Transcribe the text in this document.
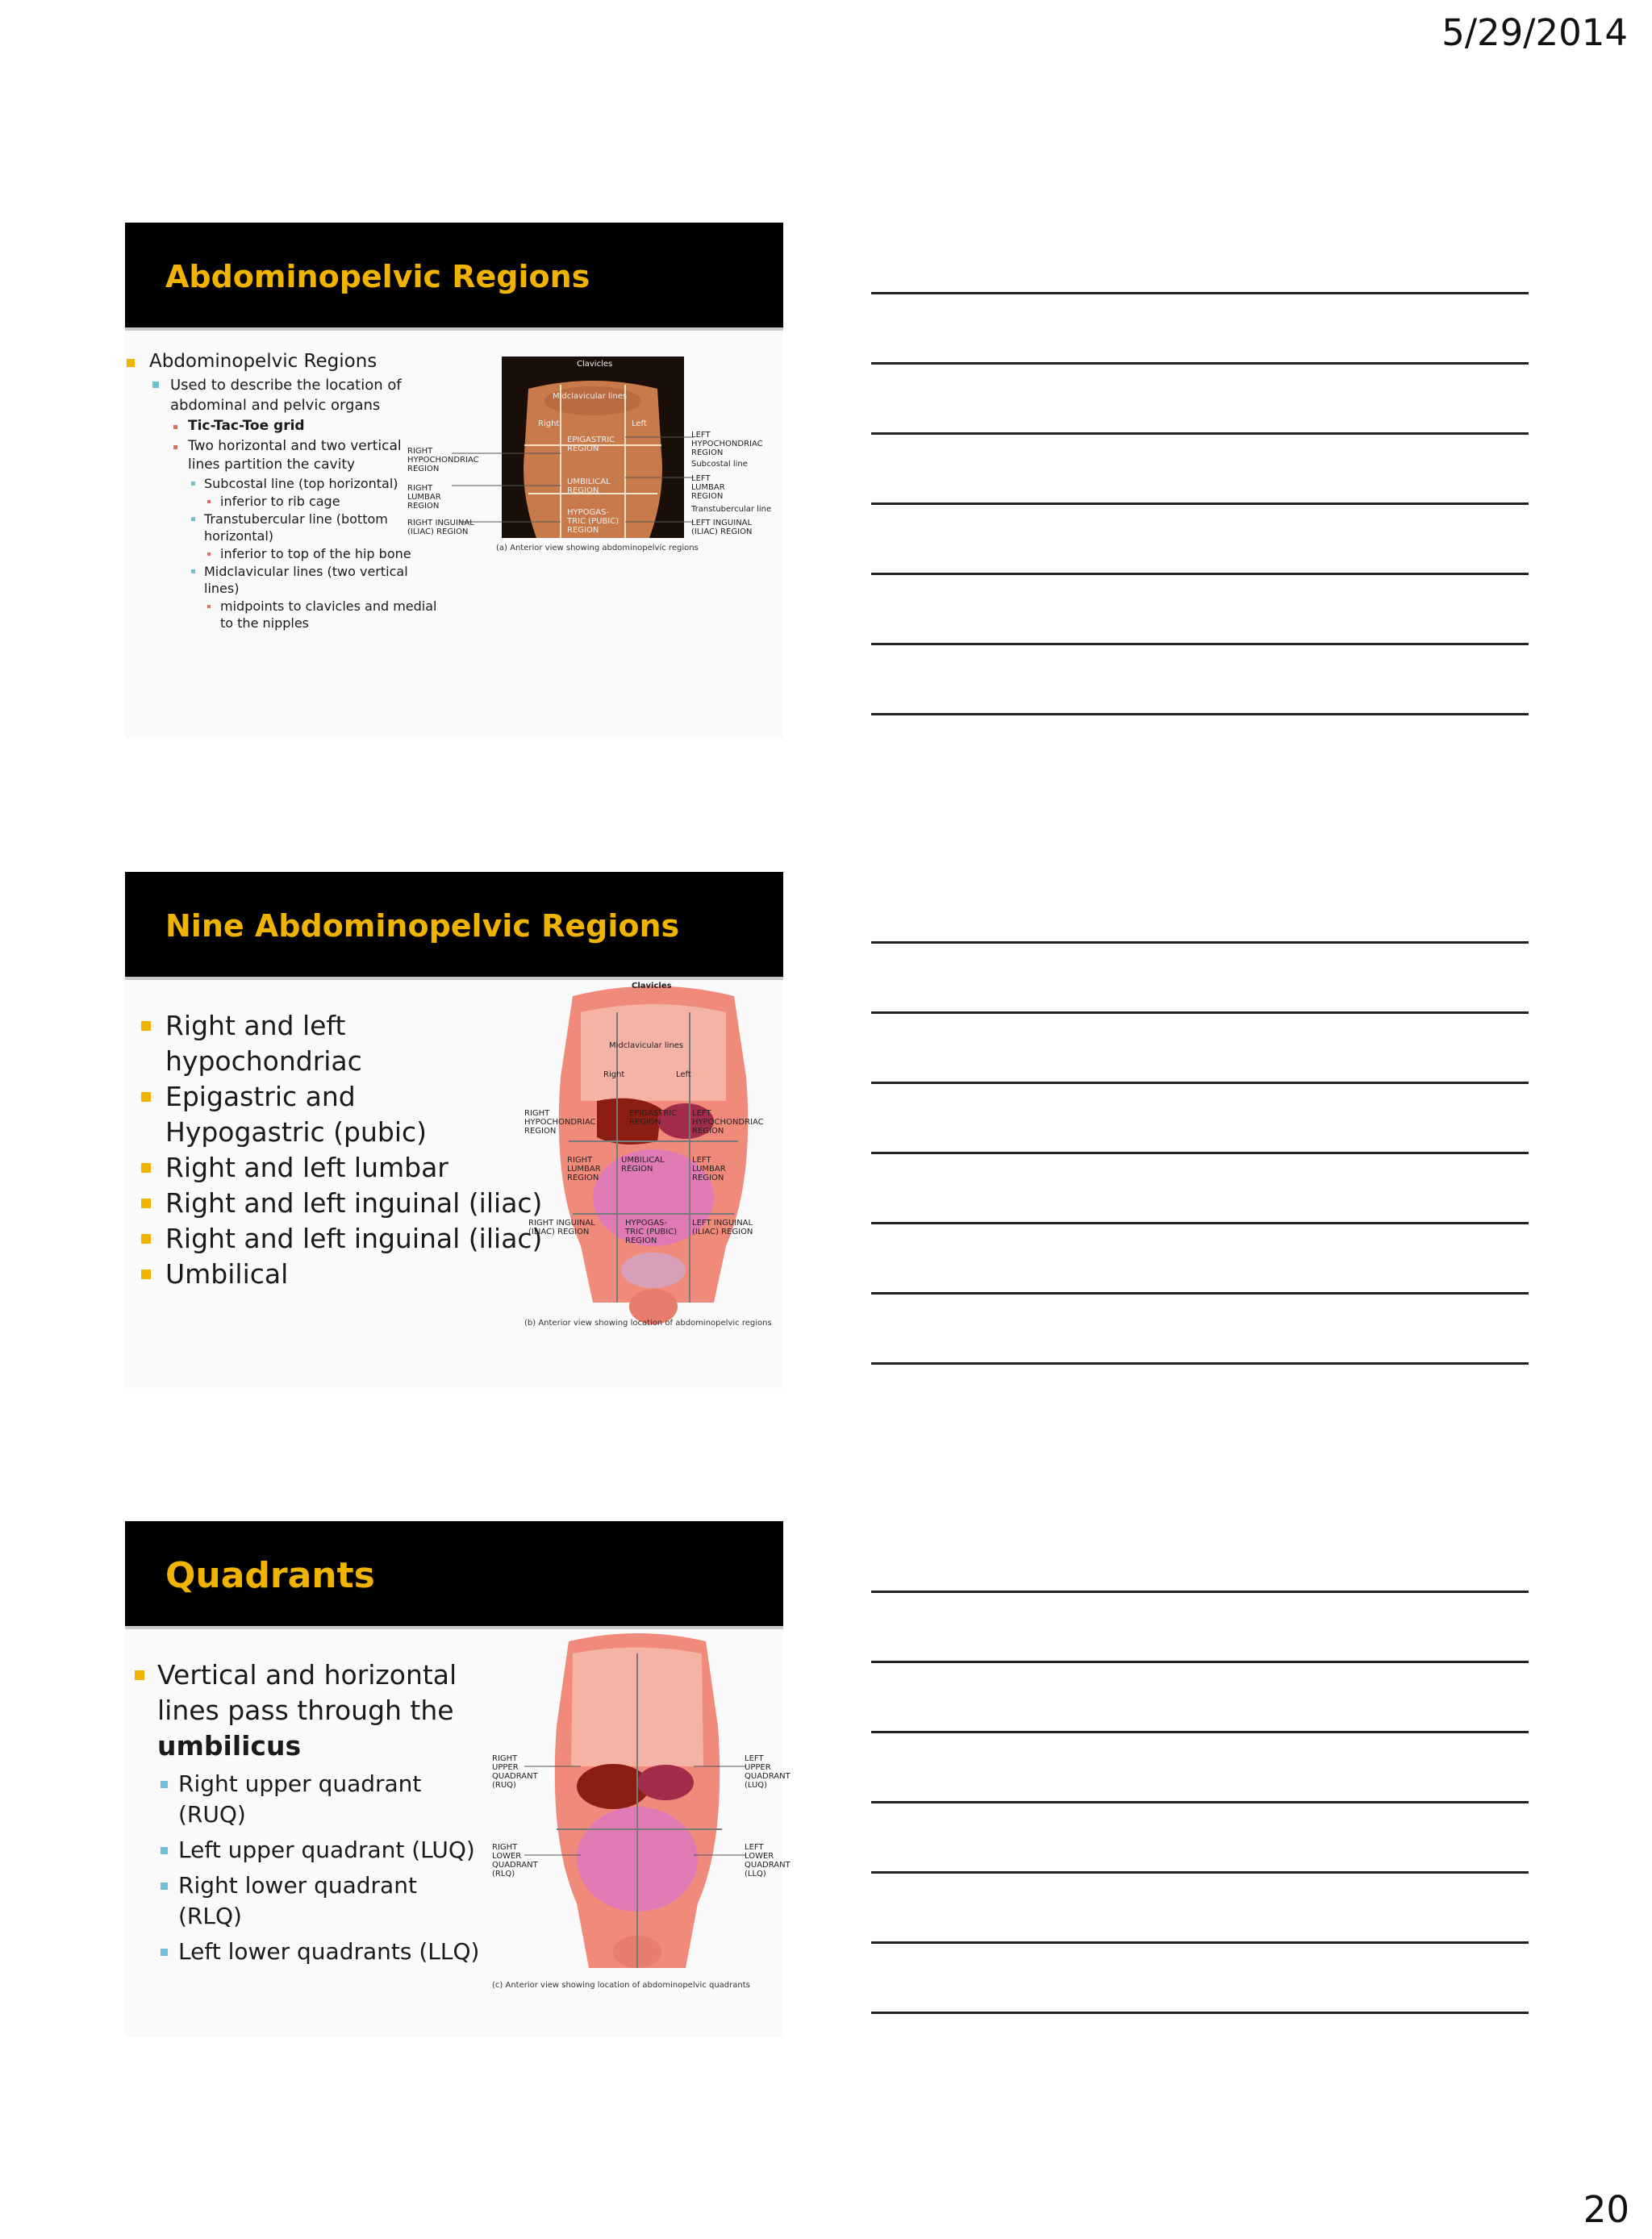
5/29/2014
Abdominopelvic Regions
Abdominopelvic Regions
Used to describe the location of abdominal and pelvic organs
Tic-Tac-Toe grid
Two horizontal and two vertical lines partition the cavity
Subcostal line (top horizontal)
inferior to rib cage
Transtubercular line (bottom horizontal)
inferior to top of the hip bone
Midclavicular lines (two vertical lines)
midpoints to clavicles and medial to the nipples
Clavicles
Midclavicular lines
Right	Left
EPIGASTRIC
REGION
UMBILICAL
REGION
HYPOGAS-
TRIC (PUBIC)
REGION
RIGHT
HYPOCHONDRIAC
REGION
RIGHT
LUMBAR
REGION
RIGHT INGUINAL
(ILIAC) REGION
LEFT
HYPOCHONDRIAC
REGION
Subcostal line
LEFT
LUMBAR
REGION
Transtubercular line
LEFT INGUINAL
(ILIAC) REGION
(a) Anterior view showing abdominopelvic regions
Nine Abdominopelvic Regions
Right and left hypochondriac
Epigastric and Hypogastric (pubic)
Right and left lumbar
Right and left inguinal (iliac)
Right and left inguinal (iliac)
Umbilical
Clavicles
Midclavicular lines
Right	Left
RIGHT
HYPOCHONDRIAC
REGION
EPIGASTRIC
REGION
LEFT
HYPOCHONDRIAC
REGION
RIGHT
LUMBAR
REGION
UMBILICAL
REGION
LEFT
LUMBAR
REGION
RIGHT INGUINAL
(ILIAC) REGION
HYPOGAS-
TRIC (PUBIC)
REGION
LEFT INGUINAL
(ILIAC) REGION
(b) Anterior view showing location of abdominopelvic regions
Quadrants
Vertical and horizontal lines pass through the umbilicus
Right upper quadrant (RUQ)
Left upper quadrant (LUQ)
Right lower quadrant (RLQ)
Left lower quadrants (LLQ)
RIGHT
UPPER
QUADRANT
(RUQ)
LEFT
UPPER
QUADRANT
(LUQ)
RIGHT
LOWER
QUADRANT
(RLQ)
LEFT
LOWER
QUADRANT
(LLQ)
(c) Anterior view showing location of abdominopelvic quadrants
20
